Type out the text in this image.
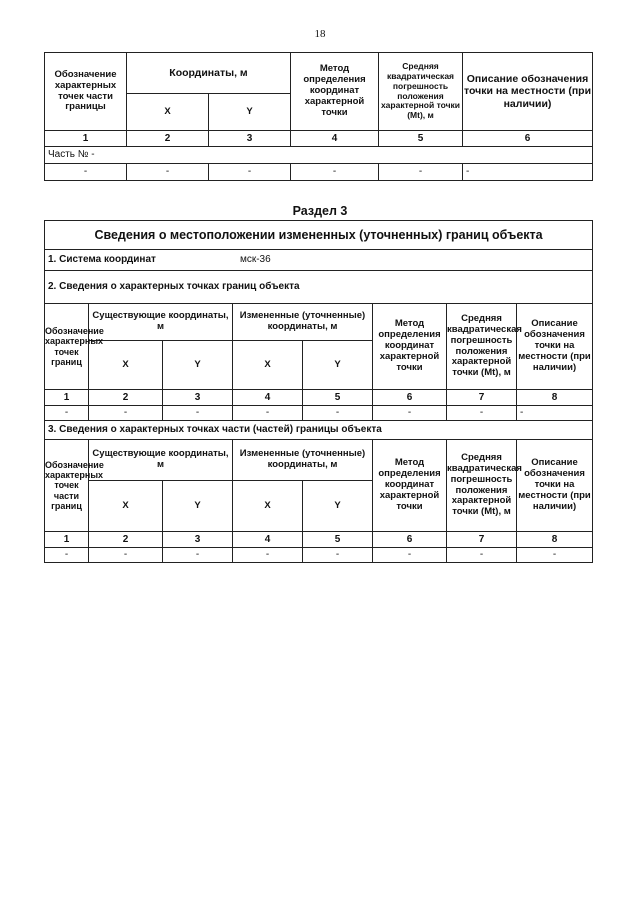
18
Обозначение характерных точек части границы	Координаты, м		Метод определения координат характерной точки	Средняя квадратическая погрешность положения характерной точки (Mt), м	Описание обозначения точки на местности (при наличии)
	X	Y			
1	2	3	4	5	6
Часть № -					
-	-	-	-	-	-
Раздел 3
Сведения о местоположении измененных (уточненных) границ объекта							
1. Система координат мск-36							
2. Сведения о характерных точках границ объекта							
Обозначение характерных точек границ	Существующие координаты, м		Измененные (уточненные) координаты, м		Метод определения координат характерной точки	Средняя квадратическая погрешность положения характерной точки (Mt), м	Описание обозначения точки на местности (при наличии)
	X	Y	X	Y			
1	2	3	4	5	6	7	8
-	-	-	-	-	-	-	-
3. Сведения о характерных точках части (частей) границы объекта							
Обозначение характерных точек части границ	Существующие координаты, м		Измененные (уточненные) координаты, м		Метод определения координат характерной точки	Средняя квадратическая погрешность положения характерной точки (Mt), м	Описание обозначения точки на местности (при наличии)
	X	Y	X	Y			
1	2	3	4	5	6	7	8
-	-	-	-	-	-	-	-
